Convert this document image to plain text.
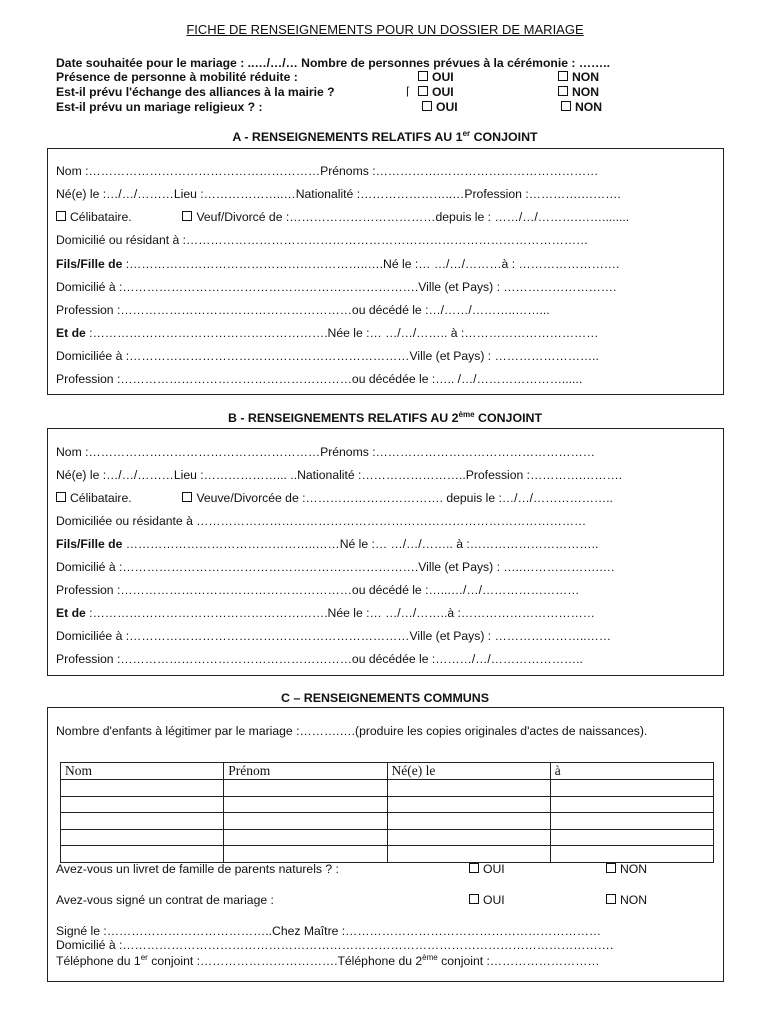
FICHE DE RENSEIGNEMENTS POUR UN DOSSIER DE MARIAGE
Date souhaitée pour le mariage : ..…/…/… Nombre de personnes prévues à la cérémonie : ……..
Présence de personne à mobilité réduite :	OUI	NON
Est-il prévu l'échange des alliances à la mairie ?	⌈	OUI	NON
Est-il prévu un mariage religieux ? :	OUI	NON
A - RENSEIGNEMENTS RELATIFS AU 1er CONJOINT
Nom :…………………………………………………Prénoms :…………….…………………………………
Né(e) le :…/…/………Lieu :………………..…Nationalité :…………………..…Profession :………….……….
Célibataire.	Veuf/Divorcé de :………………………………depuis le : ……/…/……….……........
Domicilié ou résidant à :………………………………………………………………………………………
Fils/Fille de :…………………………………………………..….Né le :… …/…/………à : …………………….
Domicilié à :……………………………………………………………….Ville (et Pays) : ……………………….
Profession :…………………………………………………ou décédé le :…/……/………..……...
Et de :………………………………………………….Née le :… …/…/…….. à :……………………………
Domiciliée à :……………………………………………………………Ville (et Pays) : ……………………..
Profession :…………………………………………………ou décédée le :….. /…/…………………......
B - RENSEIGNEMENTS RELATIFS AU 2ème CONJOINT
Nom :…………………………………………………Prénoms :………………………………………………
Né(e) le :…/…/………Lieu :………………... ..Nationalité :……………………..Profession :………….……….
Célibataire.	Veuve/Divorcée de :……………………………. depuis le :…/…/………………..
Domiciliée ou résidante à ……………………………………………………………………………………
Fils/Fille de ………………………………………..……Né le :… …/…/…….. à :…………………………..
Domicilié à :……………………………………………………………….Ville (et Pays) : …..……………….….
Profession :…………………………………………………ou décédé le :…...…/…/……………………
Et de :………………………………………………….Née le :… …/…/……..à :……………………………
Domiciliée à :……………………………………………………………Ville (et Pays) : …………………..……
Profession :…………………………………………………ou décédée le :………/…/…………………..
C – RENSEIGNEMENTS COMMUNS
Nombre d'enfants à légitimer par le mariage :……….….(produire les copies originales d'actes de naissances).
Nom	Prénom	Né(e) le	à

Avez-vous un livret de famille de parents naturels ? :	OUI	NON
Avez-vous signé un contrat de mariage :	OUI	NON
Signé le :…………………………………..Chez Maître :………………………………………………………
Domicilié à :………………………………………………………………………………………………………….
Téléphone du 1er conjoint :…………………………….Téléphone du 2ème conjoint :………………………
